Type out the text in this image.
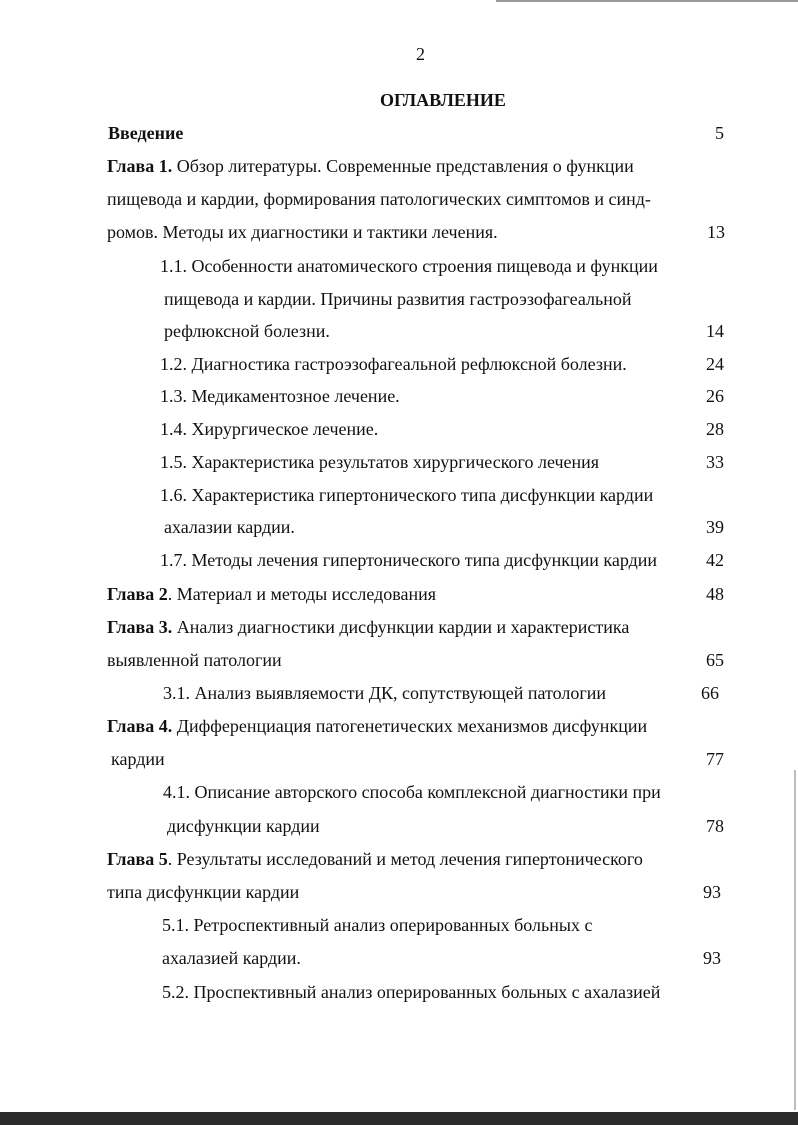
2
ОГЛАВЛЕНИЕ
Введение	5
Глава 1. Обзор литературы. Современные представления о функции
пищевода и кардии, формирования патологических симптомов и синд-
ромов. Методы их диагностики и тактики лечения.	13
1.1. Особенности анатомического строения пищевода и функции
пищевода и кардии. Причины развития гастроэзофагеальной
рефлюксной болезни.	14
1.2. Диагностика гастроэзофагеальной рефлюксной болезни.	24
1.3. Медикаментозное лечение.	26
1.4. Хирургическое лечение.	28
1.5. Характеристика результатов хирургического лечения	33
1.6. Характеристика гипертонического типа дисфункции кардии
ахалазии кардии.	39
1.7. Методы лечения гипертонического типа дисфункции кардии	42
Глава 2. Материал и методы исследования	48
Глава 3. Анализ диагностики дисфункции кардии и характеристика
выявленной патологии	65
3.1. Анализ выявляемости ДК, сопутствующей патологии	66
Глава 4. Дифференциация патогенетических механизмов дисфункции
кардии	77
4.1. Описание авторского способа комплексной диагностики при
дисфункции кардии	78
Глава 5. Результаты исследований и метод лечения гипертонического
типа дисфункции кардии	93
5.1. Ретроспективный анализ оперированных больных с
ахалазией кардии.	93
5.2. Проспективный анализ оперированных больных с ахалазией
